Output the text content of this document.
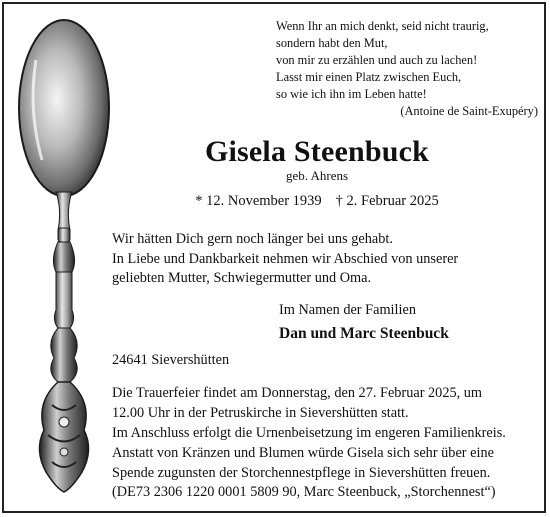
Wenn Ihr an mich denkt, seid nicht traurig,
sondern habt den Mut,
von mir zu erzählen und auch zu lachen!
Lasst mir einen Platz zwischen Euch,
so wie ich ihn im Leben hatte!
(Antoine de Saint-Exupéry)
Gisela Steenbuck
geb. Ahrens
* 12. November 1939 † 2. Februar 2025
Wir hätten Dich gern noch länger bei uns gehabt.
In Liebe und Dankbarkeit nehmen wir Abschied von unserer
geliebten Mutter, Schwiegermutter und Oma.
Im Namen der Familien
Dan und Marc Steenbuck
24641 Sievershütten
Die Trauerfeier findet am Donnerstag, den 27. Februar 2025, um
12.00 Uhr in der Petruskirche in Sievershütten statt.
Im Anschluss erfolgt die Urnenbeisetzung im engeren Familienkreis.
Anstatt von Kränzen und Blumen würde Gisela sich sehr über eine
Spende zugunsten der Storchennestpflege in Sievershütten freuen.
(DE73 2306 1220 0001 5809 90, Marc Steenbuck, „Storchennest“)
